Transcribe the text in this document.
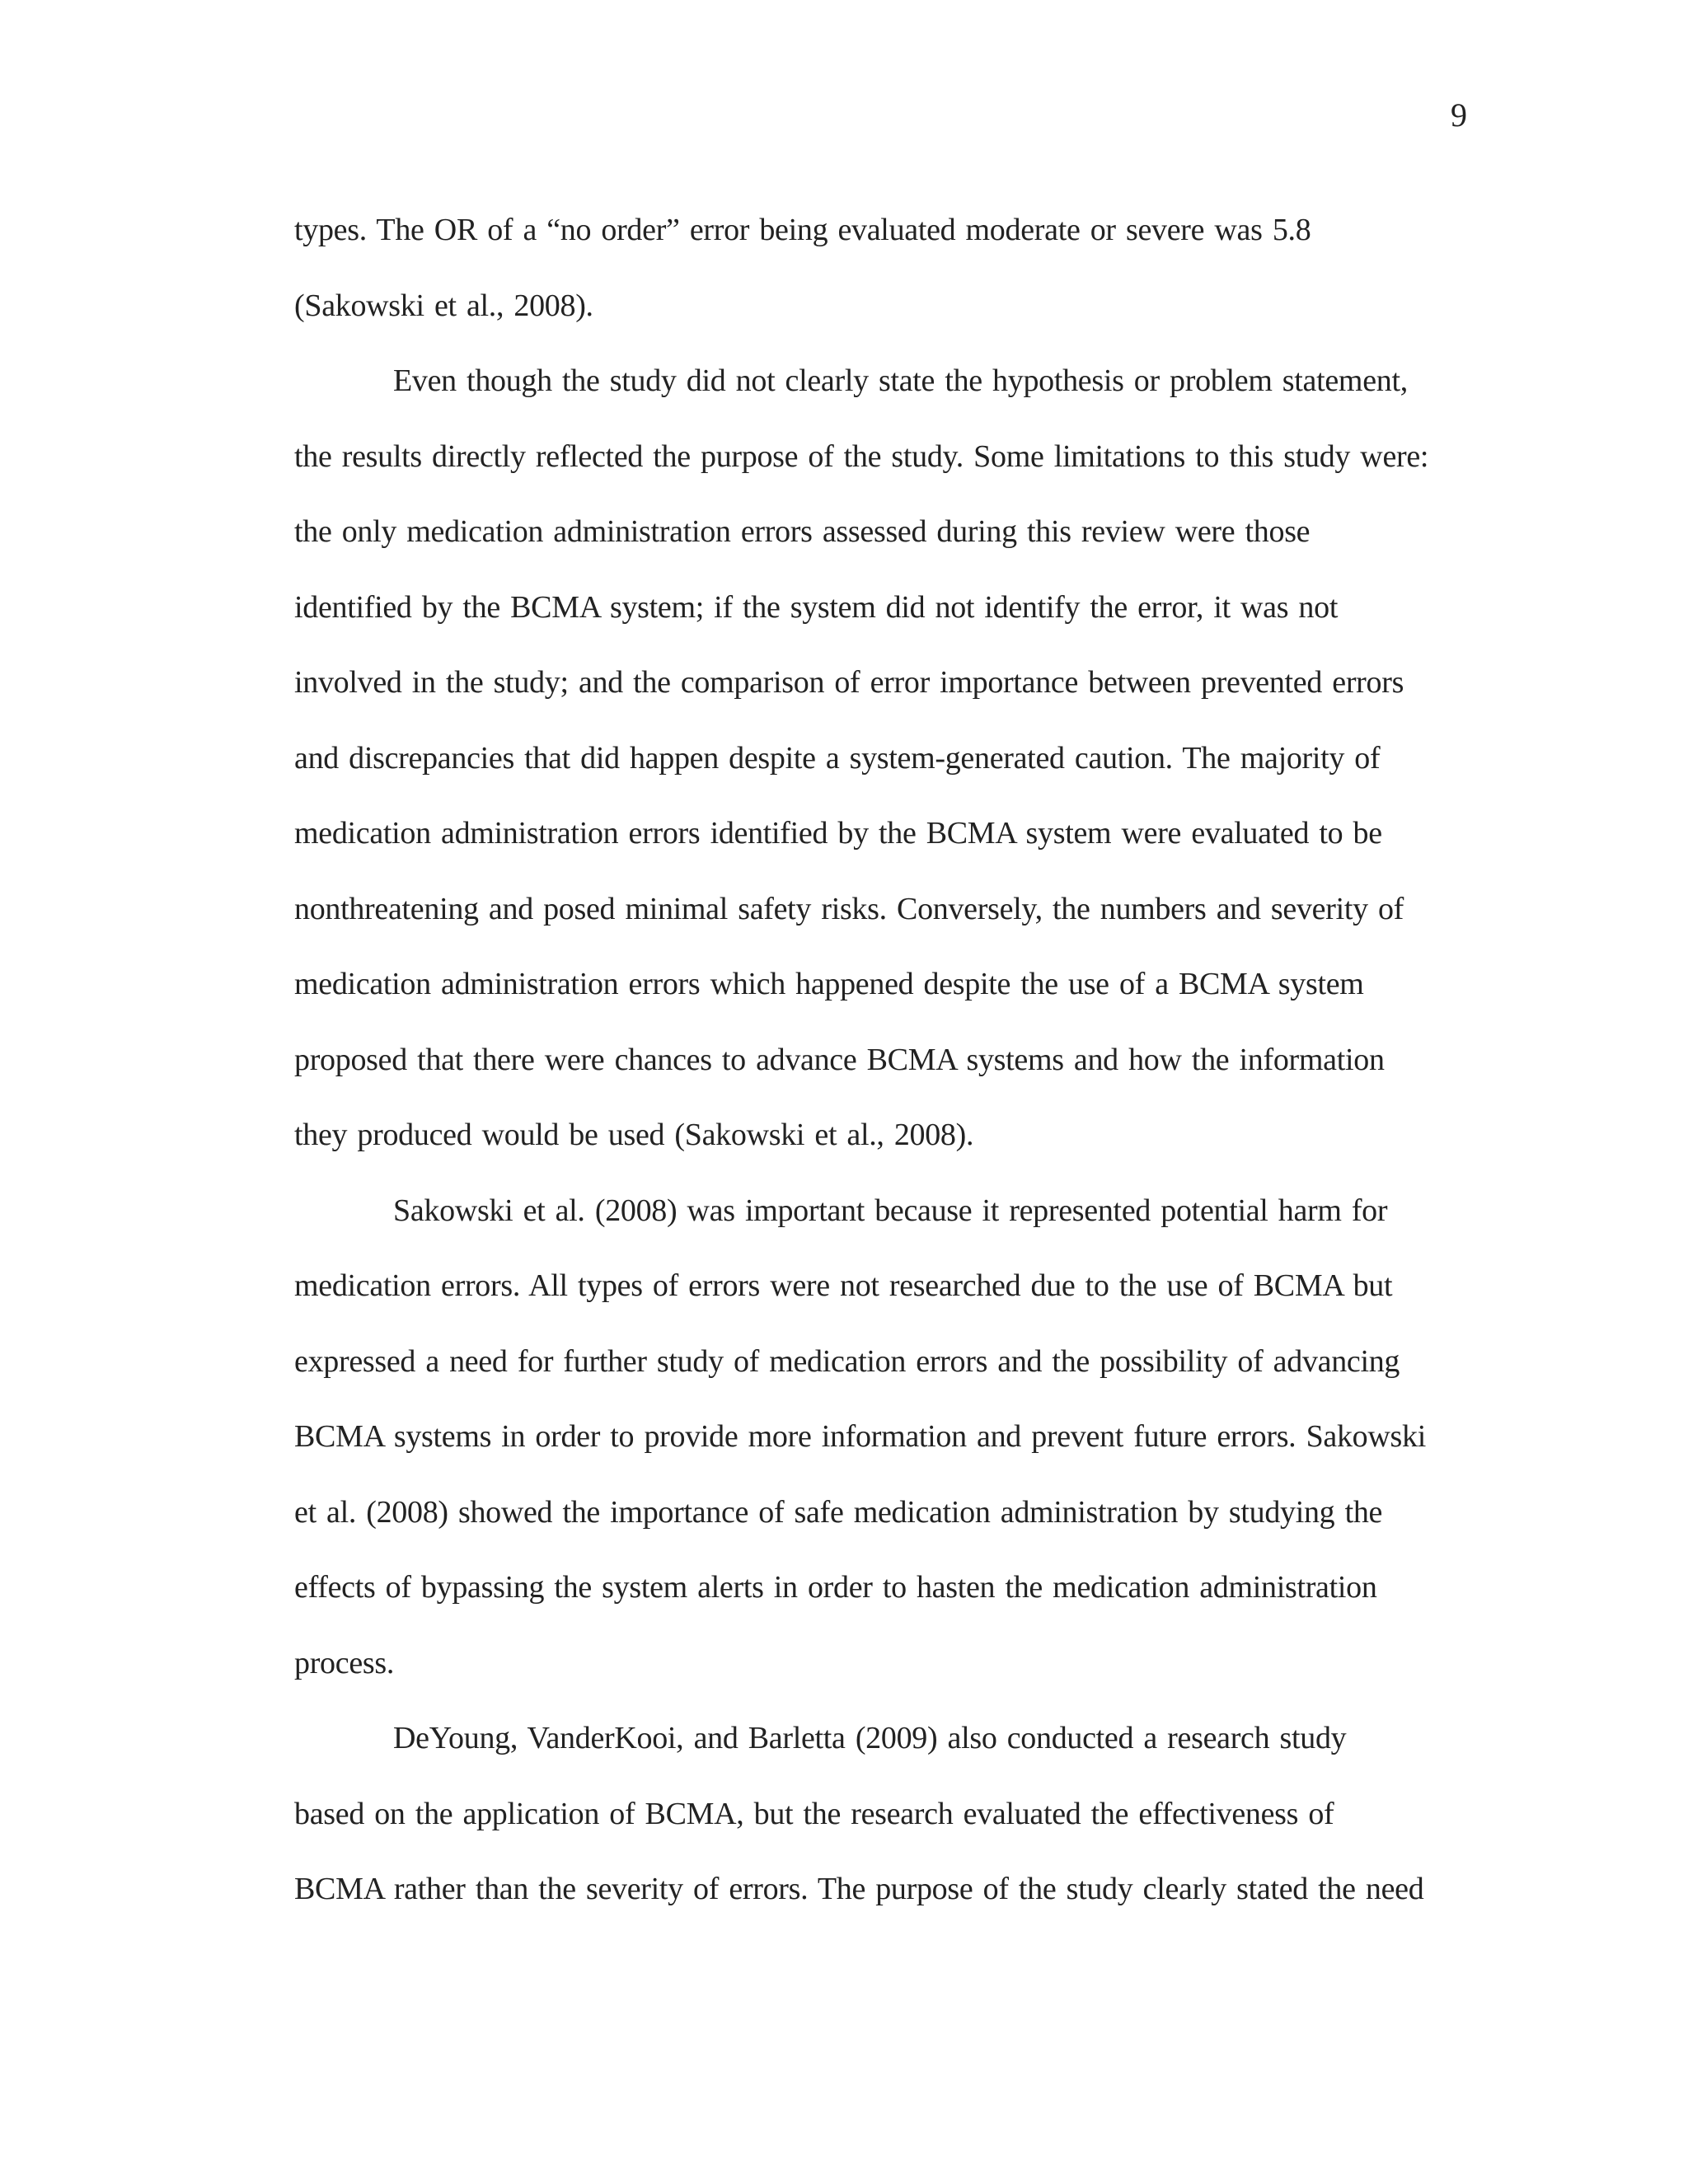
9
types. The OR of a “no order” error being evaluated moderate or severe was 5.8
(Sakowski et al., 2008).
Even though the study did not clearly state the hypothesis or problem statement,
the results directly reflected the purpose of the study. Some limitations to this study were:
the only medication administration errors assessed during this review were those
identified by the BCMA system; if the system did not identify the error, it was not
involved in the study; and the comparison of error importance between prevented errors
and discrepancies that did happen despite a system-generated caution. The majority of
medication administration errors identified by the BCMA system were evaluated to be
nonthreatening and posed minimal safety risks. Conversely, the numbers and severity of
medication administration errors which happened despite the use of a BCMA system
proposed that there were chances to advance BCMA systems and how the information
they produced would be used (Sakowski et al., 2008).
Sakowski et al. (2008) was important because it represented potential harm for
medication errors. All types of errors were not researched due to the use of BCMA but
expressed a need for further study of medication errors and the possibility of advancing
BCMA systems in order to provide more information and prevent future errors. Sakowski
et al. (2008) showed the importance of safe medication administration by studying the
effects of bypassing the system alerts in order to hasten the medication administration
process.
DeYoung, VanderKooi, and Barletta (2009) also conducted a research study
based on the application of BCMA, but the research evaluated the effectiveness of
BCMA rather than the severity of errors. The purpose of the study clearly stated the need
